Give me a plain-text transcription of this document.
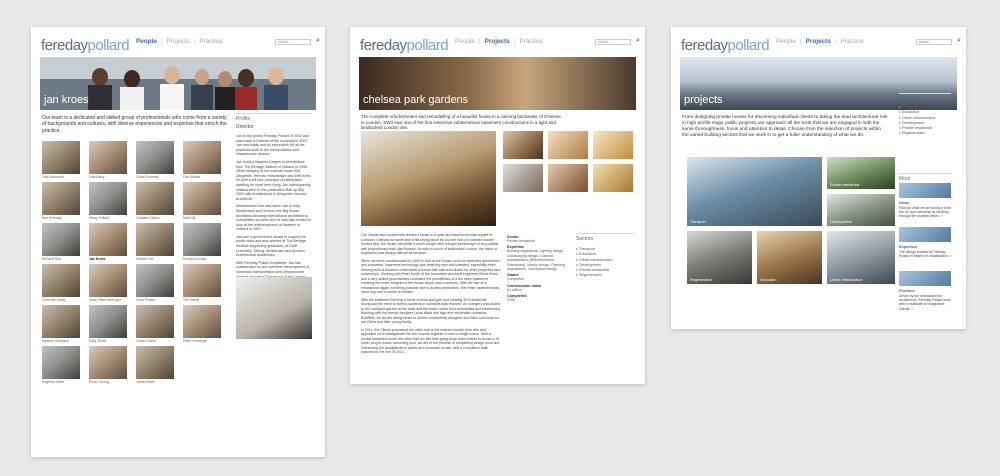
feredaypollard People | Projects | Practice	search	⌕
jan kroes
Our team is a dedicated and skilled group of professionals who come from a variety of backgrounds and cultures, with diverse experiences and expertise that enrich the practice.
John Ashworth	Lida Barry	Claire Donnelly	Paul Brides
Ben Fereday	Hilary Pollard	Graham Gibson	Matt Hill
Richard Ruit	Jan Kroes	Sinead Lett	Richard Lindley
Chris McCarthy	Jean-Pierre Meringer	Chris Pollard	Tim Sheriff
Melanie Sampson	Sally Street	Gerard Sarra	Peter Verhaege
Eugenia Sofiet	Ewan Truong	James Wald
Profile
Director

Jan Kroes joined Fereday Pollard in 2002 and was made a Director of the company in 2007. Jan now leads and is responsible for all the practices work in the transportation and infrastructure sectors.

Jan holds a Masters Degree in Architecture from The Berlage Institute in Holland in 1996. While studying at the Institute under Elia Zenghelis, Herman Hertzberger and Wiel Arets he built a full size prototype prefabricated dwelling for short term living. Jan subsequently collaborated on the publication Rail op Stijl 2000 with Architectural & Wingerder Nouvea Architects.

Infrastructure has also taken Jan to Italy, Switzerland and Greece with Big House architects following international architectural competition success and he was also invited to look at the redevelopment of Haarlem in Holland in 1997.

Jan won a government award to support his studio work and also worked at The Berlage Institute supporting graduates, at Delft University, Tilburg, Amsterdam and Arnhem Architectural Academies.

With Fereday Pollard Architects, Jan has collaborated on and overseen development of numerous transportation and infrastructure

feredaypollard People | Projects | Practice	search	⌕
chelsea park gardens
The complete refurbishment and remodelling of a beautiful house in a calming backwater of Chelsea in London, SW3 saw one of the first extensive subterranean basement constructions in a tight and landlocked London site.

Our Clients had coveted this terraced house in a quiet and beautiful private square in London's Chelsea for some time whilst living close by. As one half of a twinned double fronted villa, the house sits within a much sought after tranquil streetscape of very similar well proportioned brick clad houses. As with so much of landlocked London, the issue of expansion was always difficult as terraces.

When we were commissioned in 2009 to look at the house could be extended refurbished and converted, basement technology was relatively new and untested, especially when forming such a structure underneath a house that was surrounded by other properties and ownerships. Working with Peter Smith of the consultant structural engineers Elliott Wood and a very skilled groundworks contractor the possibilities of a ten deep basement covering the entire footprint of the house above was conceived. With the use of a mechanical digger not being possible due to access restrictions, the entire basement was hand dug over a series of months.

With the basement forming a home cinema and gym and creating 20% additional floorspace the need to extend upwards or outwards was reduced. An orangery was added to the courtyard garden at the back and the entire house then remodelled and refurbished. Working with the interior designer Laura Ward and high end residential contractor, Boldfield, we led the design team to deliver a beautifully designed and fitted out house for our Client and their young family.

In 2011, the Clients purchased the other half of the twinned double from villa and appointed us to amalgamate the two houses together to form a single house. With a pivotal basement under the other half too this time going down even further to house a 20 meter long in house swimming pool, we are in the process of completing design work and overseeing the amalgamation works as it proceeds on site, with a completion date planned for the end of 2013.

Sector
Private residential
Expertise
Building regulations, Lighting design, Landscaping design, Contract administration (Refurbishment, Extensions), Interior design, Planning negotiations, Conceptual design
Status
Completed
Construction value
£4 million
Completed
2008
Sectors
▸ Transport
▸ Education
▸ Urban infrastructure
▸ Development
▸ Private residential
▸ Regeneration
feredaypollard People | Projects | Practice	search	⌕
projects
From designing private homes for discerning individual clients to taking the lead architectural role in high profile major public projects, we approach all the work that we are engaged in with the same thoroughness, focus and attention to detail. Choose from the selection of projects within the varied building sectors that we work in to get a fuller understanding of what we do.
Transport
Private residential
Development
Regeneration	Education	Urban infrastructure
Sectors
▸ Transport
▸ Education
▸ Urban infrastructure
▸ Development
▸ Private residential
▸ Regeneration
More
News
Find out what we are doing in both the UK and overseas by scrolling through the projects below. >
Expertise
The design process at Fereday Pollard is based on collaboration. >
Practice
Driven by our enthusiasm for architecture, Fereday Pollard work with a multitude of Imaginative Clients. >
